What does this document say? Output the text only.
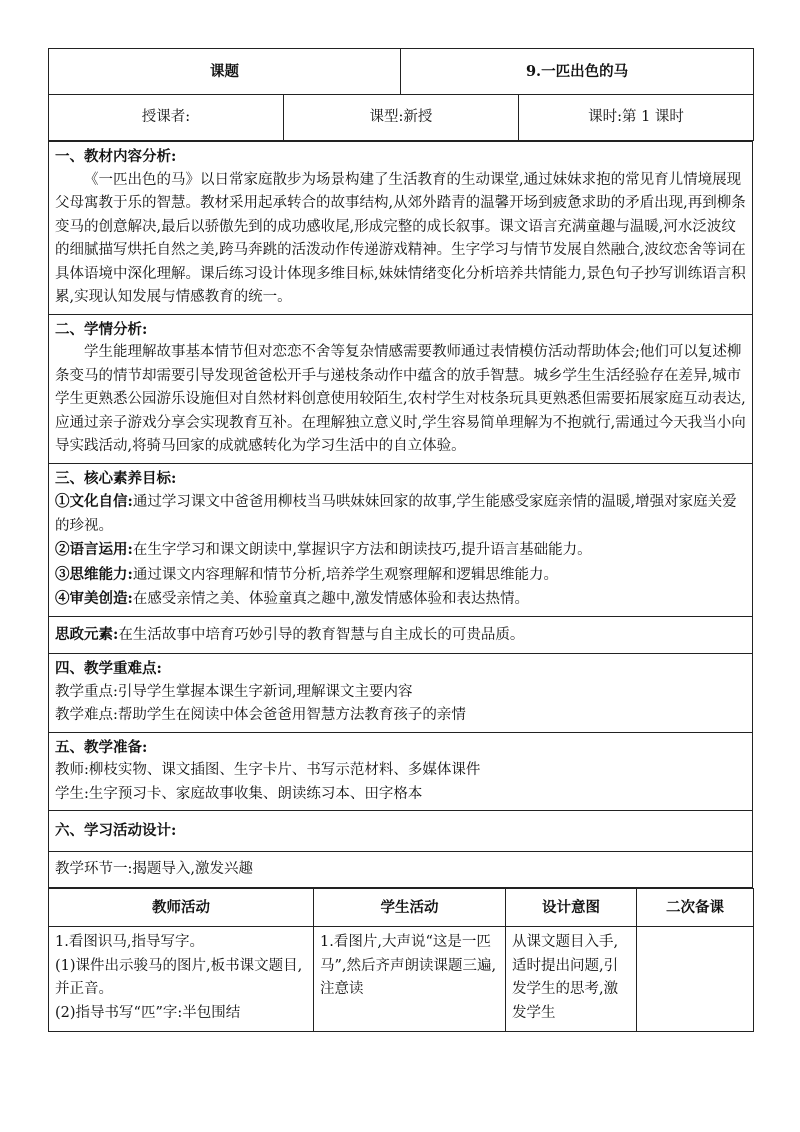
课题		9.一匹出色的马	
授课者:	课型:新授		课时:第 1 课时
一、教材内容分析:

《一匹出色的马》以日常家庭散步为场景构建了生活教育的生动课堂,通过妹妹求抱的常见育儿情境展现父母寓教于乐的智慧。教材采用起承转合的故事结构,从郊外踏青的温馨开场到疲惫求助的矛盾出现,再到柳条变马的创意解决,最后以骄傲先到的成功感收尾,形成完整的成长叙事。课文语言充满童趣与温暖,河水泛波纹的细腻描写烘托自然之美,跨马奔跳的活泼动作传递游戏精神。生字学习与情节发展自然融合,波纹恋舍等词在具体语境中深化理解。课后练习设计体现多维目标,妹妹情绪变化分析培养共情能力,景色句子抄写训练语言积累,实现认知发展与情感教育的统一。

二、学情分析:

学生能理解故事基本情节但对恋恋不舍等复杂情感需要教师通过表情模仿活动帮助体会;他们可以复述柳条变马的情节却需要引导发现爸爸松开手与递枝条动作中蕴含的放手智慧。城乡学生生活经验存在差异,城市学生更熟悉公园游乐设施但对自然材料创意使用较陌生,农村学生对枝条玩具更熟悉但需要拓展家庭互动表达,应通过亲子游戏分享会实现教育互补。在理解独立意义时,学生容易简单理解为不抱就行,需通过今天我当小向导实践活动,将骑马回家的成就感转化为学习生活中的自立体验。

三、核心素养目标:

①文化自信:通过学习课文中爸爸用柳枝当马哄妹妹回家的故事,学生能感受家庭亲情的温暖,增强对家庭关爱的珍视。

②语言运用:在生字学习和课文朗读中,掌握识字方法和朗读技巧,提升语言基础能力。

③思维能力:通过课文内容理解和情节分析,培养学生观察理解和逻辑思维能力。

④审美创造:在感受亲情之美、体验童真之趣中,激发情感体验和表达热情。

思政元素:在生活故事中培育巧妙引导的教育智慧与自主成长的可贵品质。

四、教学重难点:

教学重点:引导学生掌握本课生字新词,理解课文主要内容

教学难点:帮助学生在阅读中体会爸爸用智慧方法教育孩子的亲情

五、教学准备:

教师:柳枝实物、课文插图、生字卡片、书写示范材料、多媒体课件

学生:生字预习卡、家庭故事收集、朗读练习本、田字格本

六、学习活动设计:

教学环节一:揭题导入,激发兴趣

教师活动	学生活动	设计意图	二次备课

1.看图识马,指导写字。
(1)课件出示骏马的图片,板书课文题目,并正音。
(2)指导书写“匹”字:半包围结	1.看图片,大声说“这是一匹马”,然后齐声朗读课题三遍,注意读	从课文题目入手,适时提出问题,引发学生的思考,激发学生	
